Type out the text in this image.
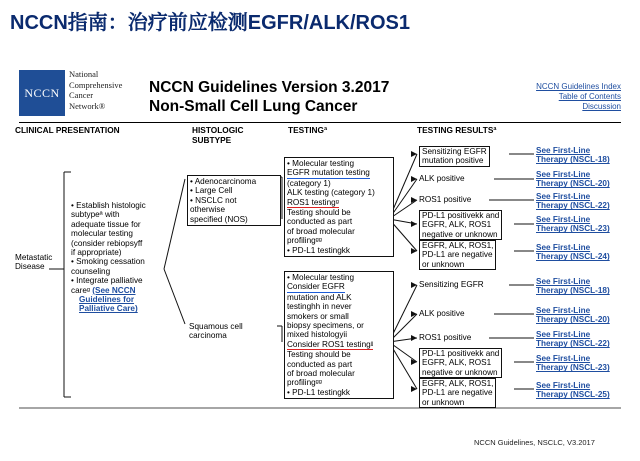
NCCN指南：治疗前应检测EGFR/ALK/ROS1
NCCN
National
Comprehensive
Cancer
Network®
NCCN Guidelines Version 3.2017
Non-Small Cell Lung Cancer
NCCN Guidelines Index
Table of Contents
Discussion
CLINICAL PRESENTATION	HISTOLOGIC
SUBTYPE
TESTINGª	TESTING RESULTSª
Metastatic
Disease
• Establish histologic
subtypeª with
adequate tissue for
molecular testing
(consider rebiopsyff
if appropriate)
• Smoking cessation
counseling
• Integrate palliative
careᵍ (See NCCN
Guidelines for
Palliative Care)
• Adenocarcinoma
• Large Cell
• NSCLC not
otherwise
specified (NOS)
Squamous cell
carcinoma
• Molecular testing
EGFR mutation testing
(category 1)
ALK testing (category 1)
ROS1 testingᵍ
Testing should be
conducted as part
of broad molecular
profilingᵍᵍ
• PD-L1 testingkk
• Molecular testing
Consider EGFR
mutation and ALK
testinghh in never
smokers or small
biopsy specimens, or
mixed histologyii
Consider ROS1 testingʲʲ
Testing should be
conducted as part
of broad molecular
profilingᵍᵍ
• PD-L1 testingkk
Sensitizing EGFR
mutation positive
ALK positive
ROS1 positive
PD-L1 positivekk and
EGFR, ALK, ROS1
negative or unknown
EGFR, ALK, ROS1,
PD-L1 are negative
or unknown
See First-Line
Therapy (NSCL-18)
See First-Line
Therapy (NSCL-20)
See First-Line
Therapy (NSCL-22)
See First-Line
Therapy (NSCL-23)
See First-Line
Therapy (NSCL-24)
Sensitizing EGFR
ALK positive
ROS1 positive
PD-L1 positivekk and
EGFR, ALK, ROS1
negative or unknown
EGFR, ALK, ROS1,
PD-L1 are negative
or unknown
See First-Line
Therapy (NSCL-18)
See First-Line
Therapy (NSCL-20)
See First-Line
Therapy (NSCL-22)
See First-Line
Therapy (NSCL-23)
See First-Line
Therapy (NSCL-25)
NCCN Guidelines, NSCLC, V3.2017
